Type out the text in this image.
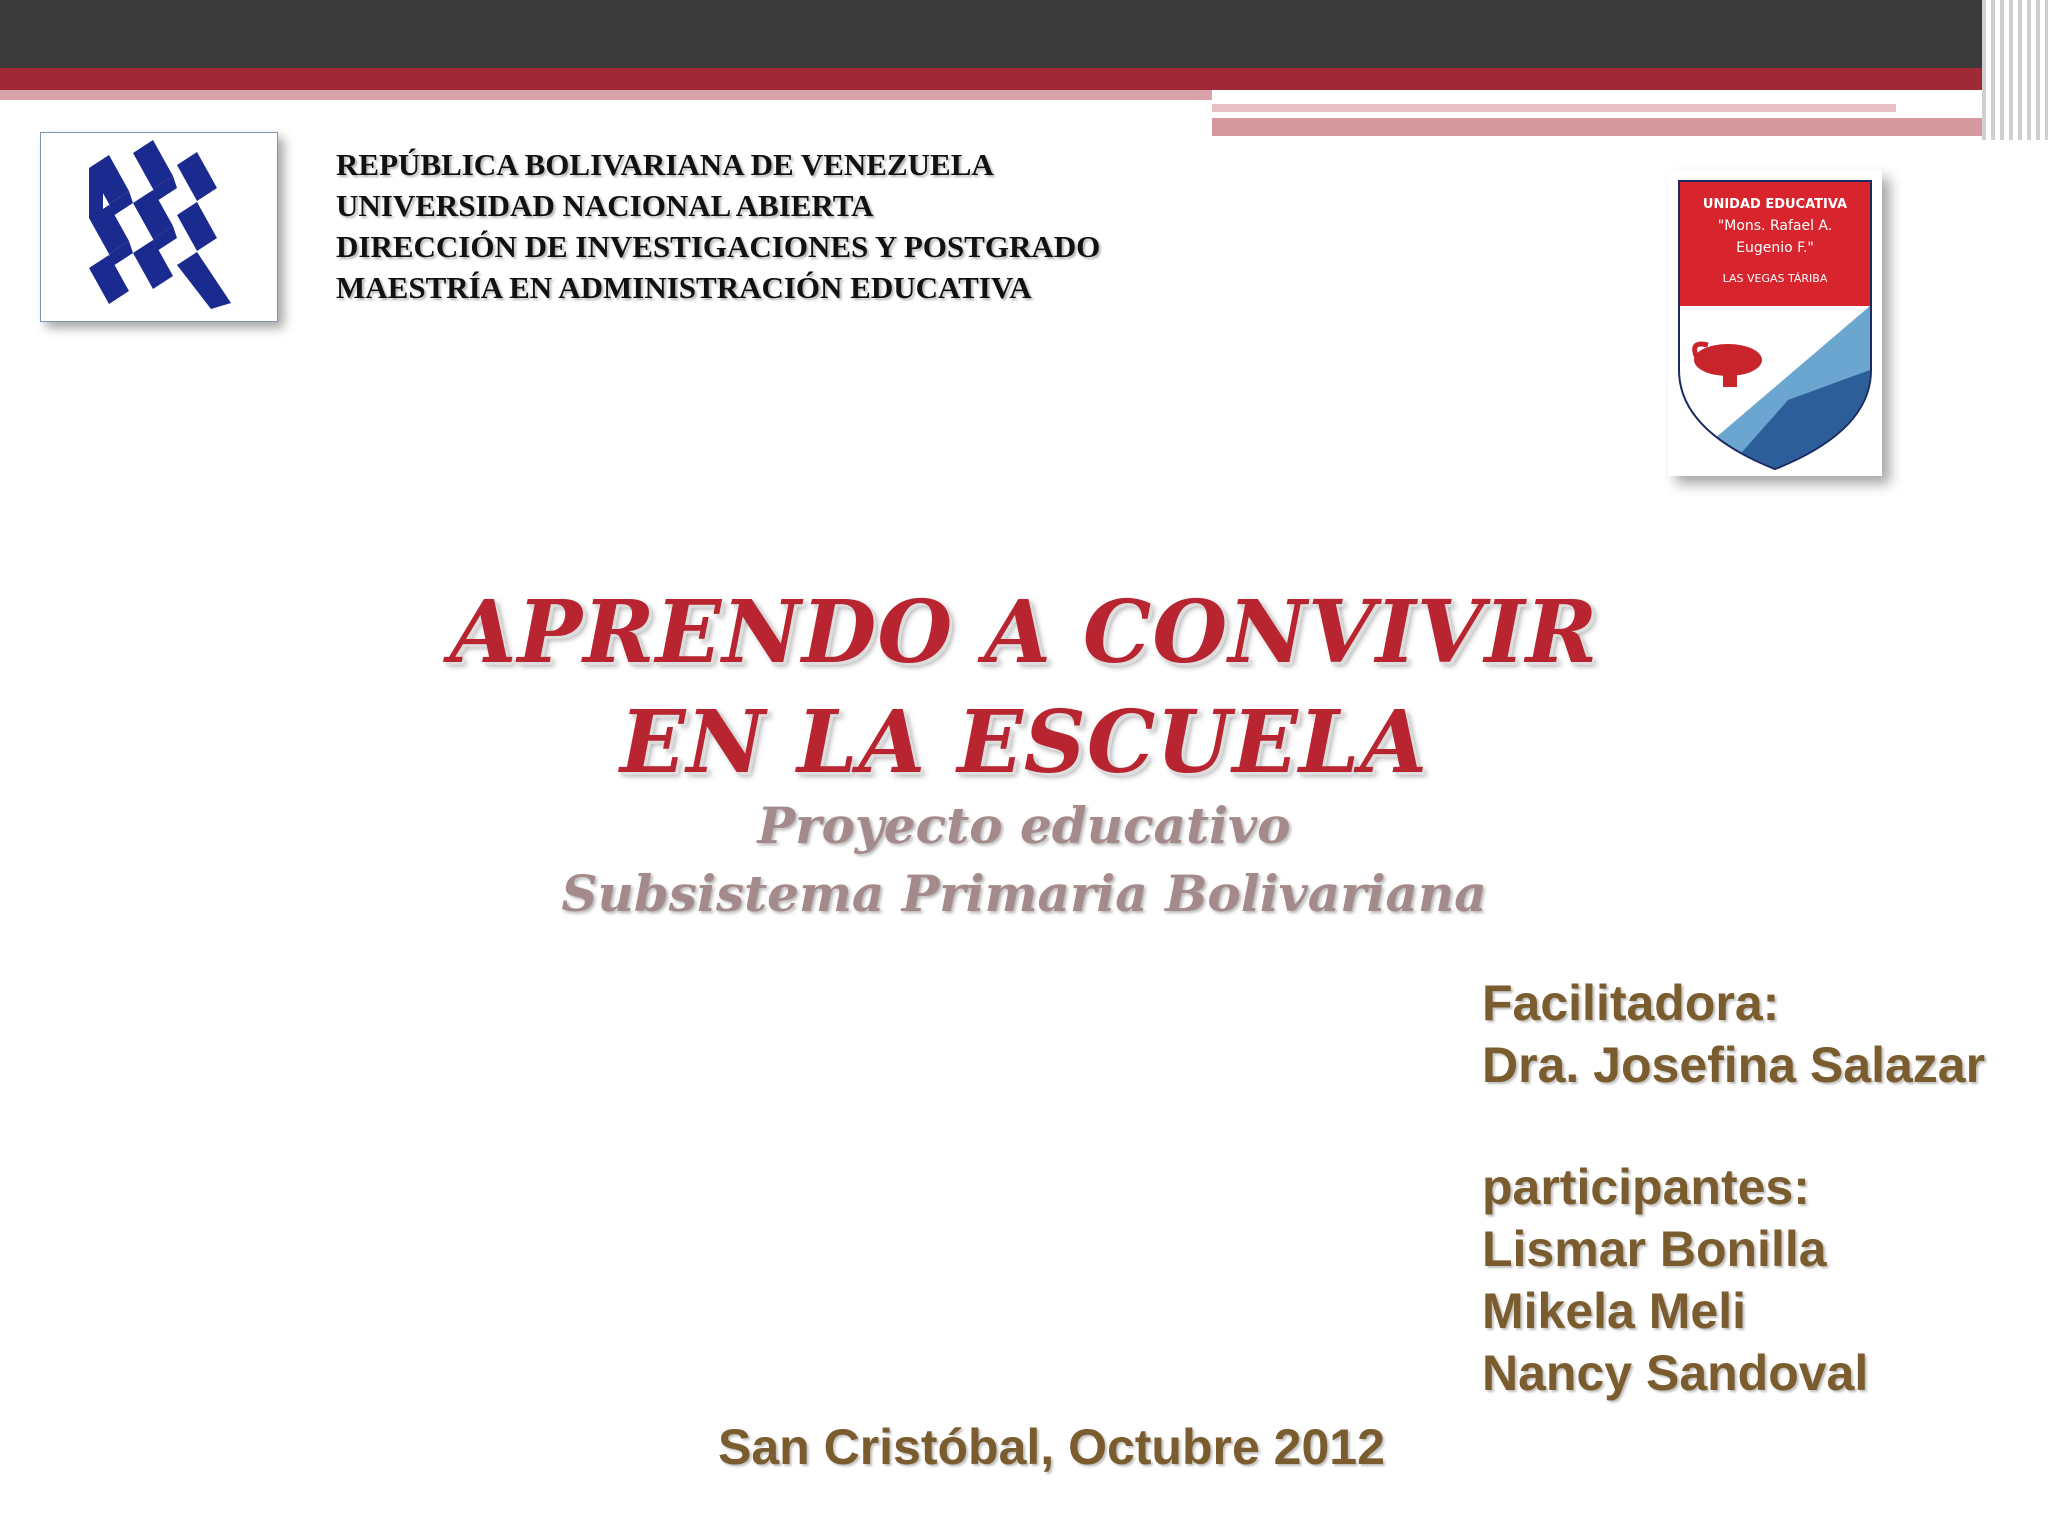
REPÚBLICA BOLIVARIANA DE VENEZUELA
UNIVERSIDAD NACIONAL ABIERTA
DIRECCIÓN DE INVESTIGACIONES Y POSTGRADO
MAESTRÍA EN ADMINISTRACIÓN EDUCATIVA
UNIDAD EDUCATIVA
"Mons. Rafael A.
Eugenio F."
LAS VEGAS TÁRIBA
APRENDO A CONVIVIR
EN LA ESCUELA
Proyecto educativo
Subsistema Primaria Bolivariana
Facilitadora:
Dra. Josefina Salazar
participantes:
Lismar Bonilla
Mikela Meli
Nancy Sandoval
San Cristóbal, Octubre 2012
